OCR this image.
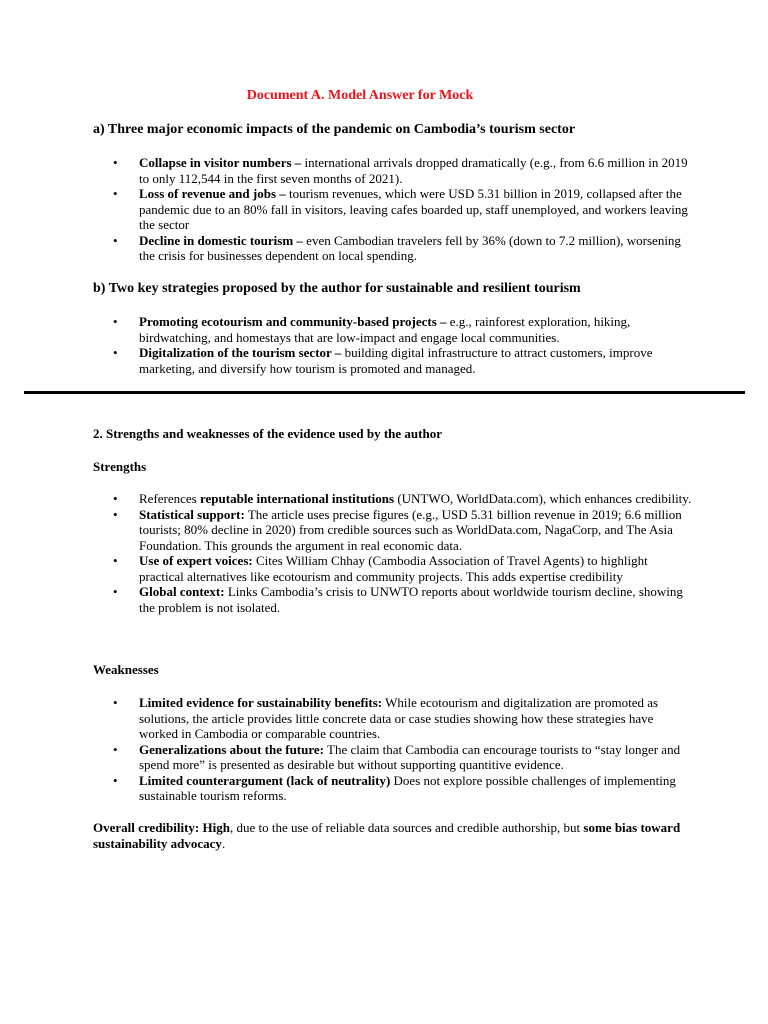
Document A. Model Answer for Mock
a) Three major economic impacts of the pandemic on Cambodia’s tourism sector
• Collapse in visitor numbers – international arrivals dropped dramatically (e.g., from 6.6 million in 2019 to only 112,544 in the first seven months of 2021).
• Loss of revenue and jobs – tourism revenues, which were USD 5.31 billion in 2019, collapsed after the pandemic due to an 80% fall in visitors, leaving cafes boarded up, staff unemployed, and workers leaving the sector
• Decline in domestic tourism – even Cambodian travelers fell by 36% (down to 7.2 million), worsening the crisis for businesses dependent on local spending.
b) Two key strategies proposed by the author for sustainable and resilient tourism
• Promoting ecotourism and community-based projects – e.g., rainforest exploration, hiking, birdwatching, and homestays that are low-impact and engage local communities.
• Digitalization of the tourism sector – building digital infrastructure to attract customers, improve marketing, and diversify how tourism is promoted and managed.
2. Strengths and weaknesses of the evidence used by the author
Strengths
• References reputable international institutions (UNTWO, WorldData.com), which enhances credibility.
• Statistical support: The article uses precise figures (e.g., USD 5.31 billion revenue in 2019; 6.6 million tourists; 80% decline in 2020) from credible sources such as WorldData.com, NagaCorp, and The Asia Foundation. This grounds the argument in real economic data.
• Use of expert voices: Cites William Chhay (Cambodia Association of Travel Agents) to highlight practical alternatives like ecotourism and community projects. This adds expertise credibility
• Global context: Links Cambodia’s crisis to UNWTO reports about worldwide tourism decline, showing the problem is not isolated.
Weaknesses
• Limited evidence for sustainability benefits: While ecotourism and digitalization are promoted as solutions, the article provides little concrete data or case studies showing how these strategies have worked in Cambodia or comparable countries.
• Generalizations about the future: The claim that Cambodia can encourage tourists to “stay longer and spend more” is presented as desirable but without supporting quantitive evidence.
• Limited counterargument (lack of neutrality) Does not explore possible challenges of implementing      sustainable tourism reforms.
Overall credibility: High, due to the use of reliable data sources and credible authorship, but some bias toward sustainability advocacy.
